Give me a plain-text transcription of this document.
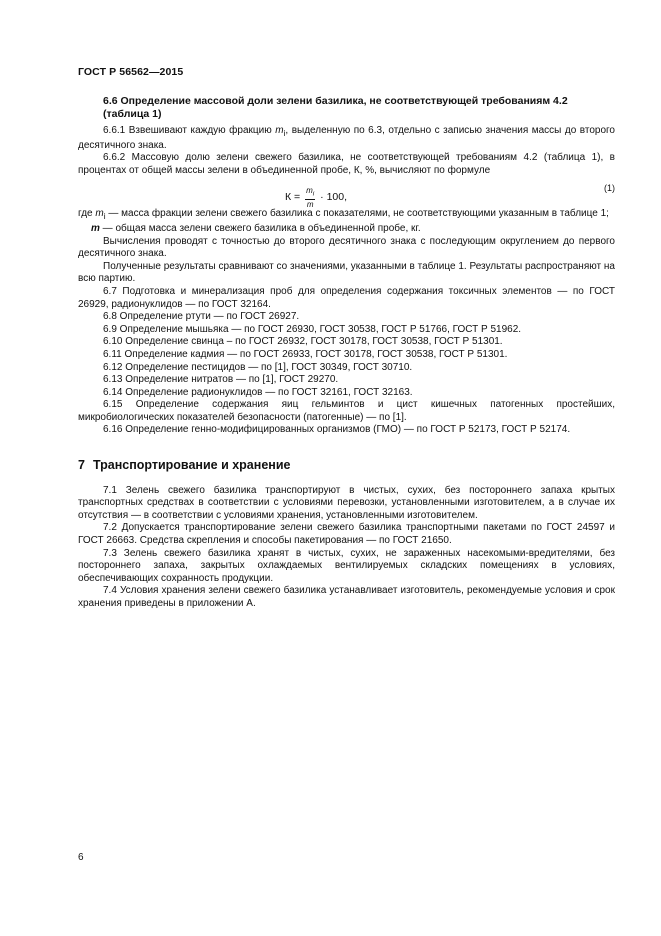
ГОСТ Р 56562—2015

6.6 Определение массовой доли зелени базилика, не соответствующей требованиям 4.2 (таблица 1)

6.6.1 Взвешивают каждую фракцию $m_i$, выделенную по 6.3, отдельно с записью значения массы до второго десятичного знака.

6.6.2 Массовую долю зелени свежего базилика, не соответствующей требованиям 4.2 (таблица 1), в процентах от общей массы зелени в объединенной пробе, К, %, вычисляют по формуле

$К = \frac{m_i}{m} \cdot 100$,
(1)

где $m_i$ — масса фракции зелени свежего базилика с показателями, не соответствующими указанным в таблице 1;

m — общая масса зелени свежего базилика в объединенной пробе, кг.

Вычисления проводят с точностью до второго десятичного знака с последующим округлением до первого десятичного знака.

Полученные результаты сравнивают со значениями, указанными в таблице 1. Результаты распространяют на всю партию.

6.7 Подготовка и минерализация проб для определения содержания токсичных элементов — по ГОСТ 26929, радионуклидов — по ГОСТ 32164.

6.8 Определение ртути — по ГОСТ 26927.

6.9 Определение мышьяка — по ГОСТ 26930, ГОСТ 30538, ГОСТ Р 51766, ГОСТ Р 51962.

6.10 Определение свинца – по ГОСТ 26932, ГОСТ 30178, ГОСТ 30538, ГОСТ Р 51301.

6.11 Определение кадмия — по ГОСТ 26933, ГОСТ 30178, ГОСТ 30538, ГОСТ Р 51301.

6.12 Определение пестицидов — по [1], ГОСТ 30349, ГОСТ 30710.

6.13 Определение нитратов — по [1], ГОСТ 29270.

6.14 Определение радионуклидов — по ГОСТ 32161, ГОСТ 32163.

6.15 Определение содержания яиц гельминтов и цист кишечных патогенных простейших, микробиологических показателей безопасности (патогенные) — по [1].

6.16 Определение генно-модифицированных организмов (ГМО) — по ГОСТ Р 52173, ГОСТ Р 52174.

7 Транспортирование и хранение

7.1 Зелень свежего базилика транспортируют в чистых, сухих, без постороннего запаха крытых транспортных средствах в соответствии с условиями перевозки, установленными изготовителем, а в случае их отсутствия — в соответствии с условиями хранения, установленными изготовителем.

7.2 Допускается транспортирование зелени свежего базилика транспортными пакетами по ГОСТ 24597 и ГОСТ 26663. Средства скрепления и способы пакетирования — по ГОСТ 21650.

7.3 Зелень свежего базилика хранят в чистых, сухих, не зараженных насекомыми-вредителями, без постороннего запаха, закрытых охлаждаемых вентилируемых складских помещениях в условиях, обеспечивающих сохранность продукции.

7.4 Условия хранения зелени свежего базилика устанавливает изготовитель, рекомендуемые условия и срок хранения приведены в приложении А.

6
